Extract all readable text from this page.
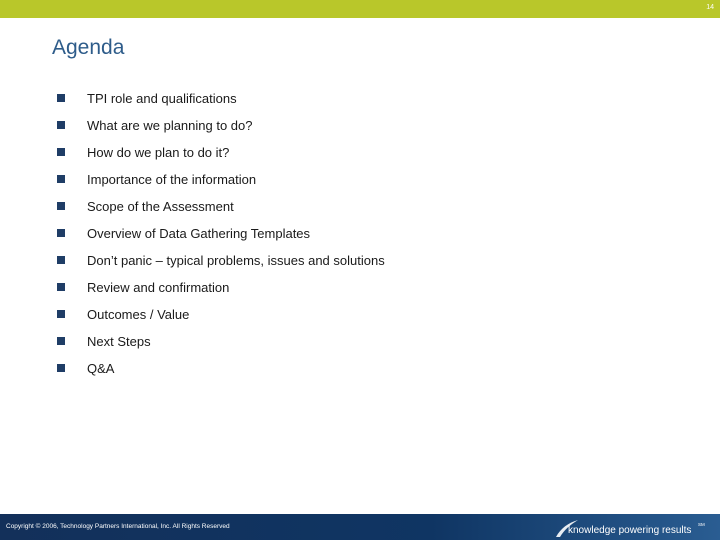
14
Agenda
TPI role and qualifications
What are we planning to do?
How do we plan to do it?
Importance of the information
Scope of the Assessment
Overview of Data Gathering Templates
Don’t panic – typical problems, issues and solutions
Review and confirmation
Outcomes / Value
Next Steps
Q&A
Copyright © 2006, Technology Partners International, Inc. All Rights Reserved	knowledge powering results
SM
